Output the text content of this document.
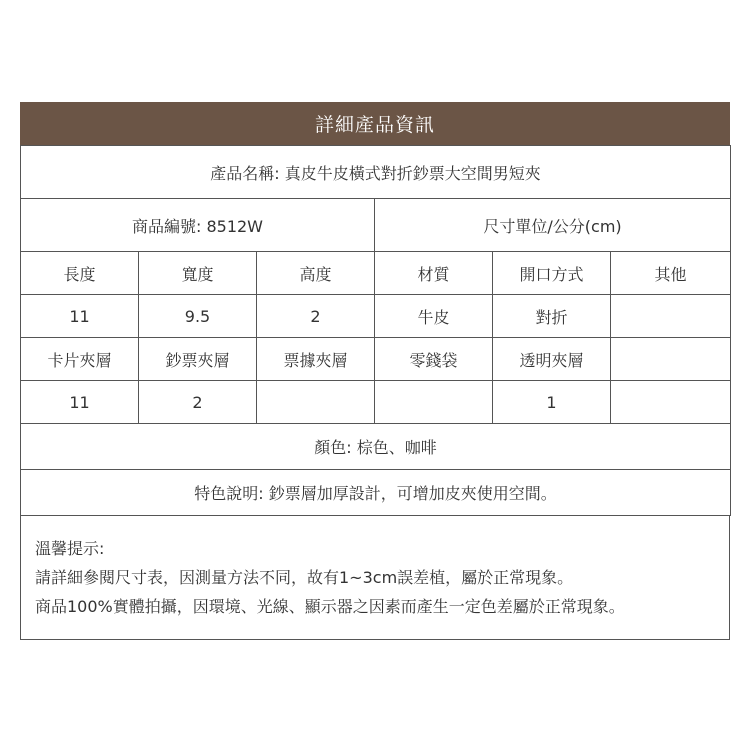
詳細產品資訊
產品名稱: 真皮牛皮橫式對折鈔票大空間男短夾					
商品編號: 8512W			尺寸單位/公分(cm)		
長度	寬度	高度	材質	開口方式	其他
11	9.5	2	牛皮	對折	
卡片夾層	鈔票夾層	票據夾層	零錢袋	透明夾層	
11	2			1	
顏色: 棕色、咖啡					
特色說明: 鈔票層加厚設計，可增加皮夾使用空間。					
溫馨提示:
請詳細參閱尺寸表，因測量方法不同，故有1~3cm誤差植，屬於正常現象。
商品100%實體拍攝，因環境、光線、顯示器之因素而產生一定色差屬於正常現象。
